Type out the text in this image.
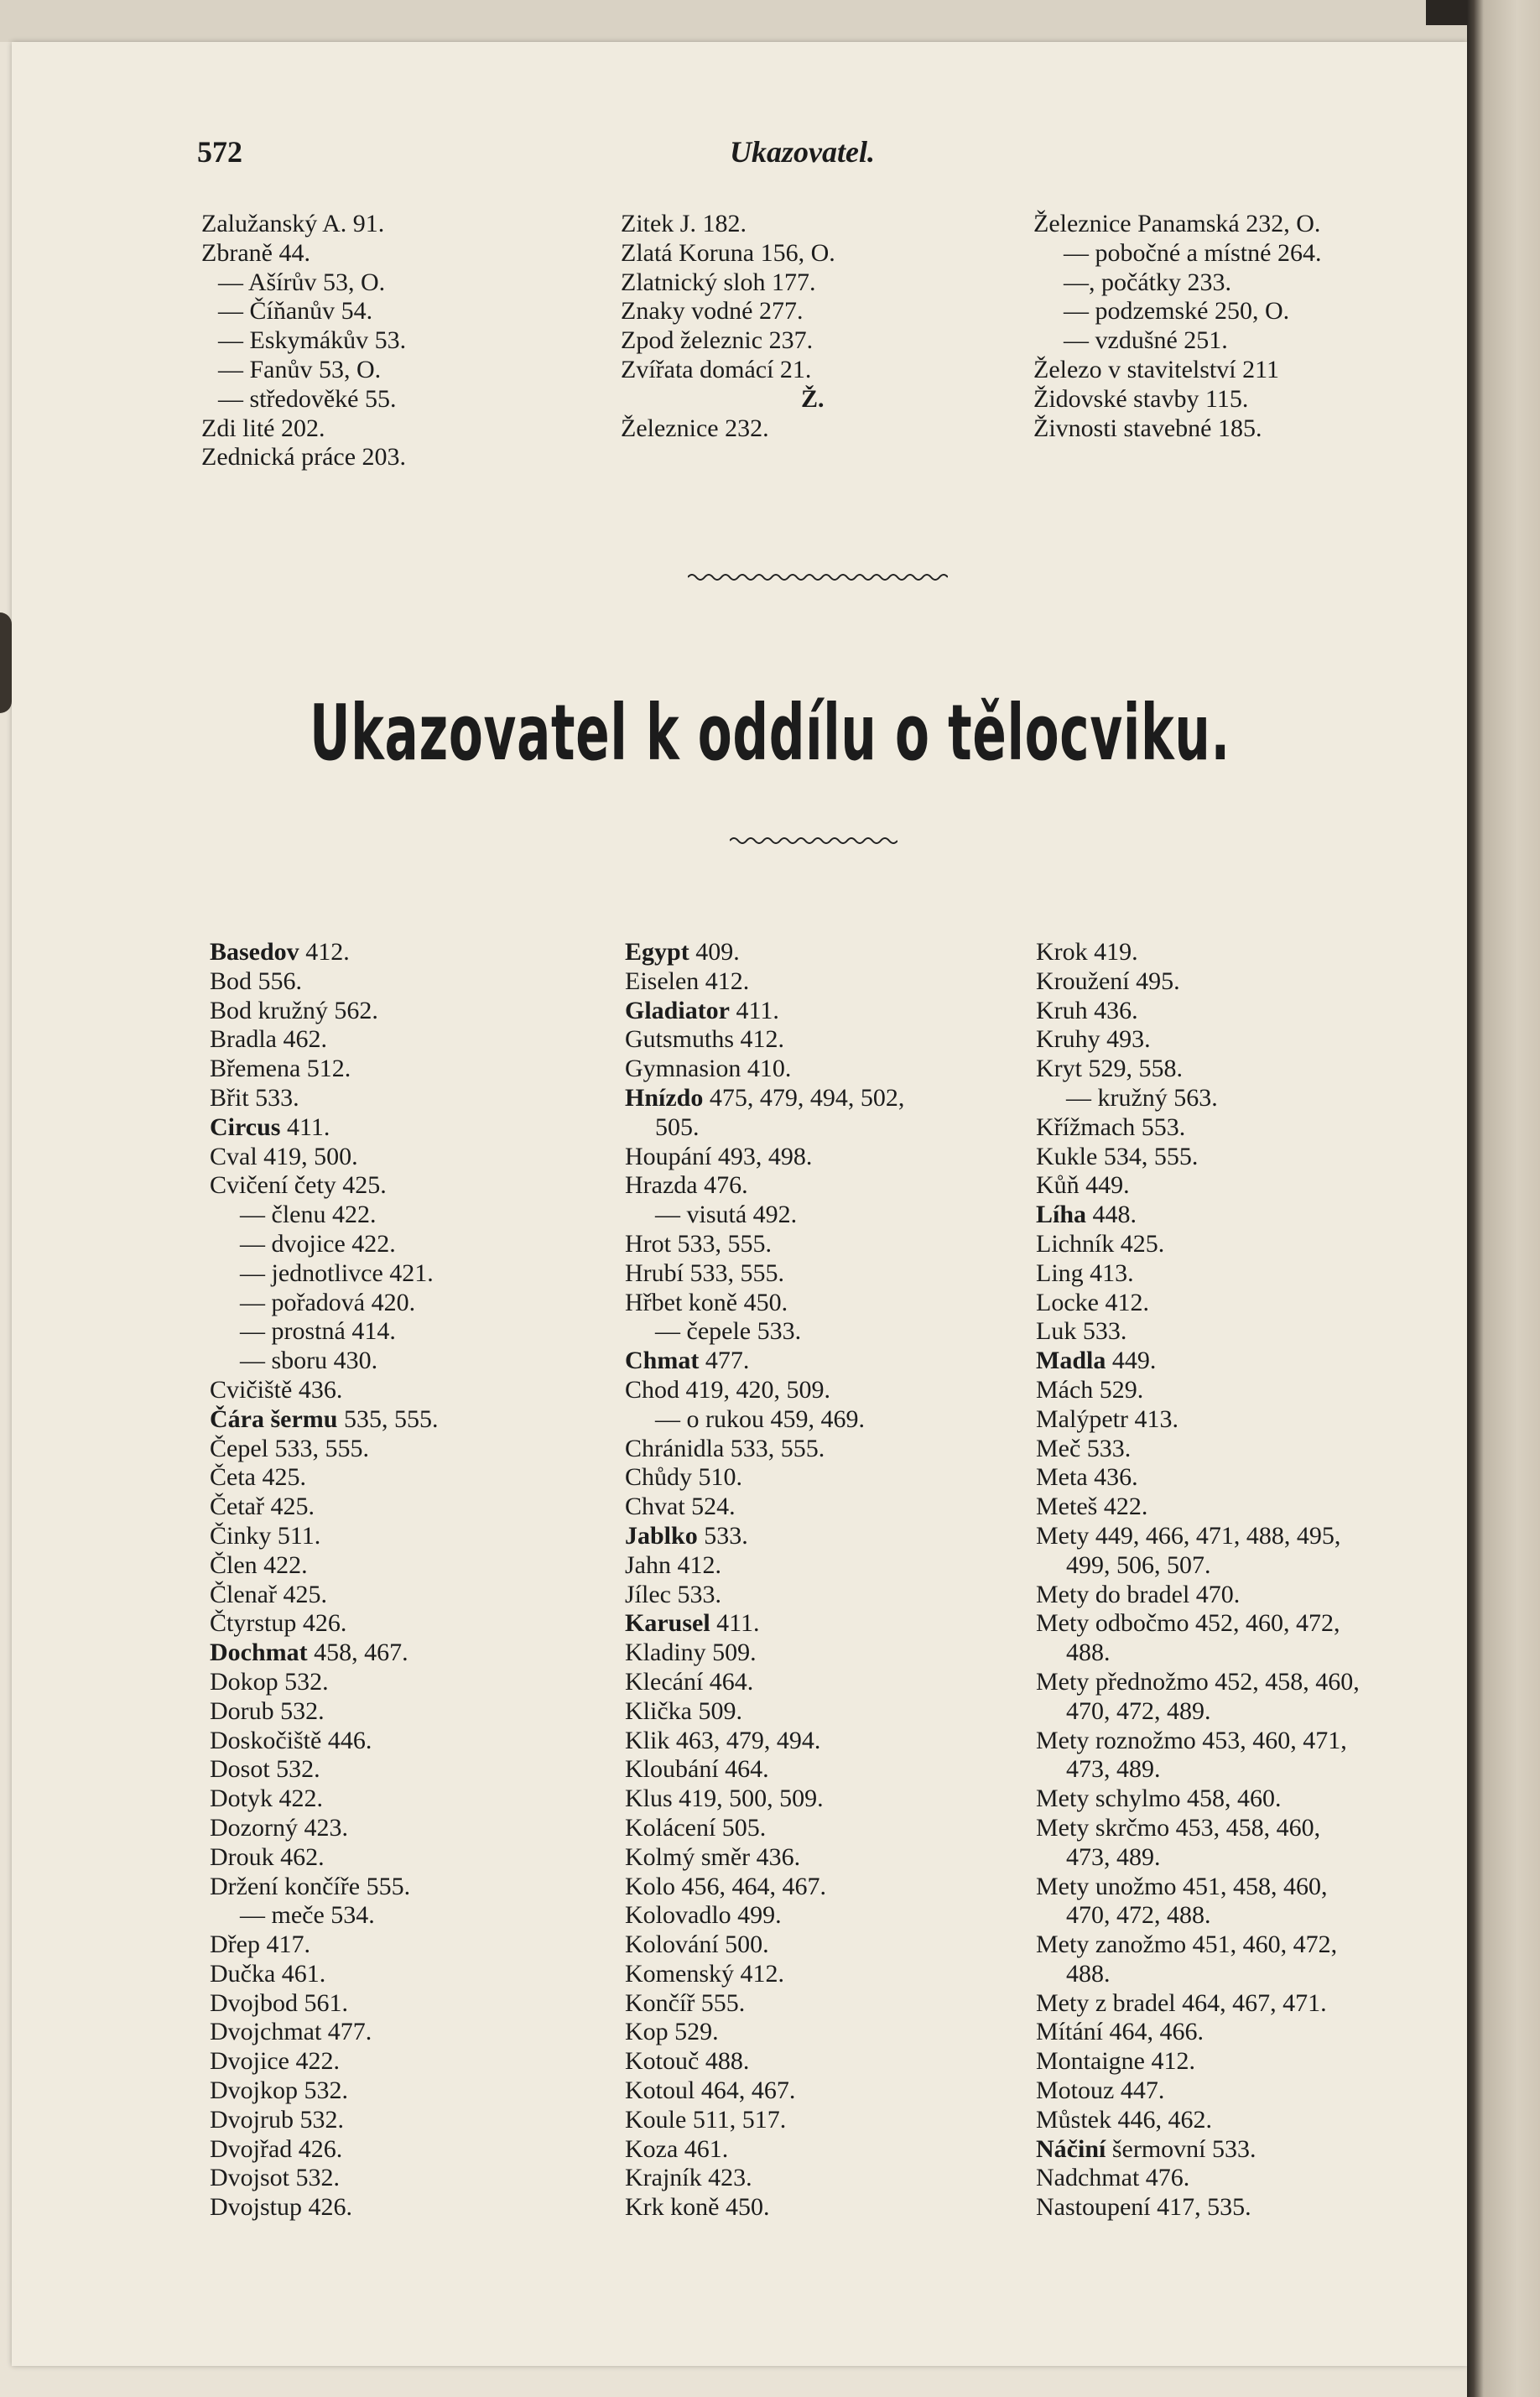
572	Ukazovatel.
Zalužanský A. 91.
Zbraně 44.
— Ašírův 53, O.
— Číňanův 54.
— Eskymákův 53.
— Fanův 53, O.
— středověké 55.
Zdi lité 202.
Zednická práce 203.
Zitek J. 182.
Zlatá Koruna 156, O.
Zlatnický sloh 177.
Znaky vodné 277.
Zpod železnic 237.
Zvířata domácí 21.
Ž.
Železnice 232.
Železnice Panamská 232, O.
— pobočné a místné 264.
—, počátky 233.
— podzemské 250, O.
— vzdušné 251.
Železo v stavitelství 211
Židovské stavby 115.
Živnosti stavebné 185.
Ukazovatel k oddílu o tělocviku.
Basedov 412.
Bod 556.
Bod kružný 562.
Bradla 462.
Břemena 512.
Břit 533.
Circus 411.
Cval 419, 500.
Cvičení čety 425.
— členu 422.
— dvojice 422.
— jednotlivce 421.
— pořadová 420.
— prostná 414.
— sboru 430.
Cvičiště 436.
Čára šermu 535, 555.
Čepel 533, 555.
Četa 425.
Četař 425.
Činky 511.
Člen 422.
Členař 425.
Čtyrstup 426.
Dochmat 458, 467.
Dokop 532.
Dorub 532.
Doskočiště 446.
Dosot 532.
Dotyk 422.
Dozorný 423.
Drouk 462.
Držení končíře 555.
— meče 534.
Dřep 417.
Dučka 461.
Dvojbod 561.
Dvojchmat 477.
Dvojice 422.
Dvojkop 532.
Dvojrub 532.
Dvojřad 426.
Dvojsot 532.
Dvojstup 426.
Egypt 409.
Eiselen 412.
Gladiator 411.
Gutsmuths 412.
Gymnasion 410.
Hnízdo 475, 479, 494, 502,
505.
Houpání 493, 498.
Hrazda 476.
— visutá 492.
Hrot 533, 555.
Hrubí 533, 555.
Hřbet koně 450.
— čepele 533.
Chmat 477.
Chod 419, 420, 509.
— o rukou 459, 469.
Chránidla 533, 555.
Chůdy 510.
Chvat 524.
Jablko 533.
Jahn 412.
Jílec 533.
Karusel 411.
Kladiny 509.
Klecání 464.
Klička 509.
Klik 463, 479, 494.
Kloubání 464.
Klus 419, 500, 509.
Kolácení 505.
Kolmý směr 436.
Kolo 456, 464, 467.
Kolovadlo 499.
Kolování 500.
Komenský 412.
Končíř 555.
Kop 529.
Kotouč 488.
Kotoul 464, 467.
Koule 511, 517.
Koza 461.
Krajník 423.
Krk koně 450.
Krok 419.
Kroužení 495.
Kruh 436.
Kruhy 493.
Kryt 529, 558.
— kružný 563.
Křížmach 553.
Kukle 534, 555.
Kůň 449.
Líha 448.
Lichník 425.
Ling 413.
Locke 412.
Luk 533.
Madla 449.
Mách 529.
Malýpetr 413.
Meč 533.
Meta 436.
Meteš 422.
Mety 449, 466, 471, 488, 495,
499, 506, 507.
Mety do bradel 470.
Mety odbočmo 452, 460, 472,
488.
Mety přednožmo 452, 458, 460,
470, 472, 489.
Mety roznožmo 453, 460, 471,
473, 489.
Mety schylmo 458, 460.
Mety skrčmo 453, 458, 460,
473, 489.
Mety unožmo 451, 458, 460,
470, 472, 488.
Mety zanožmo 451, 460, 472,
488.
Mety z bradel 464, 467, 471.
Mítání 464, 466.
Montaigne 412.
Motouz 447.
Můstek 446, 462.
Náčiní šermovní 533.
Nadchmat 476.
Nastoupení 417, 535.
